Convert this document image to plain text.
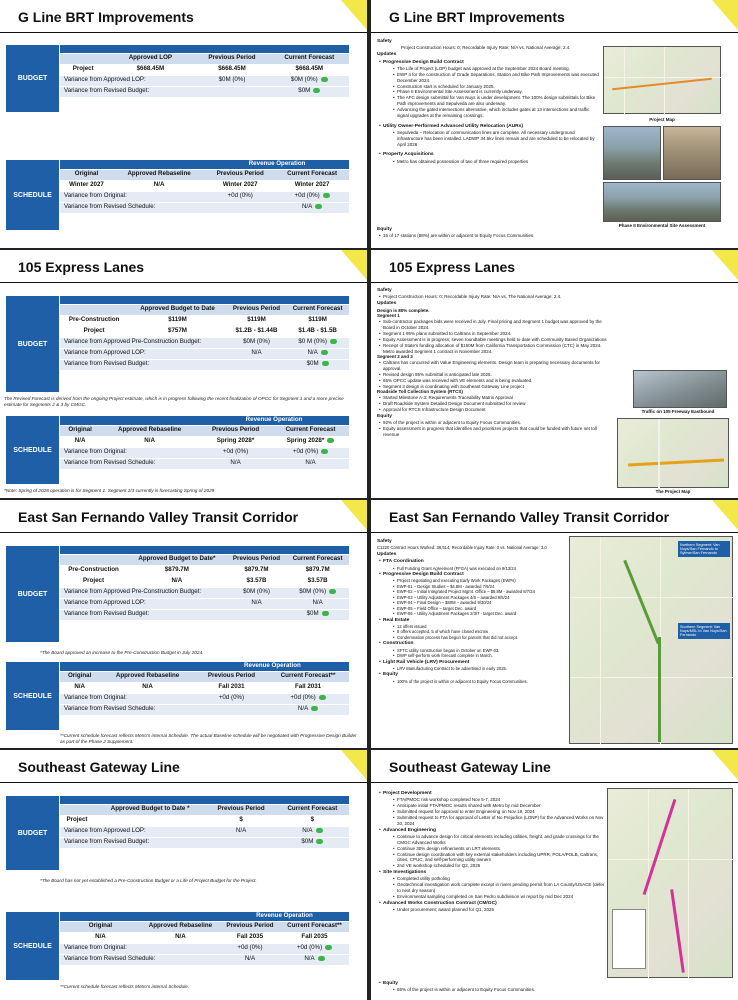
G Line BRT Improvements
BUDGET

	Approved LOP	Previous Period	Current Forecast
Project	$668.45M	$668.45M	$668.45M
Variance from Approved LOP:		$0M (0%)	$0M (0%)
Variance from Revised Budget:			$0M
SCHEDULE
		Revenue Operation	
Original	Approved Rebaseline	Previous Period	Current Forecast
Winter 2027	N/A	Winter 2027	Winter 2027
Variance from Original:		+0d (0%)	+0d (0%)
Variance from Revised Schedule:			N/A
G Line BRT Improvements
Safety
Project Construction Hours: 0; Recordable Injury Rate: N/A vs. National Average: 2.4.
Updates
• Progressive Design Build Contract
• The Life of Project (LOP) budget was approved at the September 2024 Board meeting.
• EWP 4 for the construction of Grade Separations, Station and Bike Path Improvements was executed December 2024.
• Construction start is scheduled for January 2025.
• Phase II Environmental Site Assessment is currently underway.
• The AFC design submittal for Van Nuys is under development. The 100% design submittals for Bike Path improvements and Sepulveda are also underway.
• Advancing the gated intersections alternative, which includes gates at 13 intersections and traffic signal upgrades at the remaining crossings.
• Utility Owner-Performed Advanced Utility Relocation (AURs)
• Sepulveda – Relocation of communication lines are complete. All necessary underground infrastructure has been installed. LADWP 34.5kv lines remain and are scheduled to be relocated by April 2026
• Property Acquisitions
• Metro has obtained possession of two of three required properties
Equity
• 15 of 17 stations (88%) are within or adjacent to Equity Focus Communities.
Project Map
Phase II Environmental Site Assessment
105 Express Lanes
BUDGET

	Approved Budget to Date	Previous Period	Current Forecast
Pre-Construction	$119M	$119M	$119M
Project	$757M	$1.2B - $1.44B	$1.4B - $1.5B
Variance from Approved Pre-Construction Budget:		$0M (0%)	$0 M (0%)
Variance from Approved LOP:		N/A	N/A
Variance from Revised Budget:			$0M
The Revised Forecast is derived from the ongoing Project estimate, which is in progress following the recent finalization of OPCC for Segment 1 and a more precise estimate for Segments 2 & 3 by CMGC.
SCHEDULE
		Revenue Operation	
Original	Approved Rebaseline	Previous Period	Current Forecast
N/A	N/A	Spring 2028*	Spring 2028*
Variance from Original:		+0d (0%)	+0d (0%)
Variance from Revised Schedule:		N/A	N/A
*Note: Spring of 2028 operation is for Segment 1. Segment 2/3 currently is forecasting Spring of 2029
105 Express Lanes
Safety
• Project Construction Hours: 0; Recordable Injury Rate: N/A vs. The National Average: 2.4.
Updates
Design is 80% complete.
Segment 1
• Sub-contractor packages bids were received in July. Final pricing and Segment 1 budget was approved by the Board in October 2024.
• Segment 1 95% plans submitted to Caltrans in September 2024.
• Equity Assessment is in progress; seven roundtable meetings held to date with Community Based Organizations
• Receipt of State's funding allocation of $150M from California Transportation Commission (CTC) in May 2024. Metro awarded Segment 1 contract in November 2024.
Segment 2 and 3
• Caltrans has concurred with Value Engineering elements. Design team is preparing necessary documents for approval.
• Revised design 95% submittal is anticipated late 2025.
• 65% OPCC update was received with VE elements and is being evaluated.
• Segment 3 design is coordinating with Southeast Gateway Line project
Roadside Toll Collection System (RTCS)
• Started Milestone A-3: Requirements Traceability Matrix Approval
• Draft Roadside System Detailed Design Document submitted for review
• Approval for RTCS Infrastructure Design Document
Equity
• 92% of the project is within or adjacent to Equity Focus Communities.
• Equity assessment in progress that identifies and prioritizes projects that could be funded with future net toll revenue
Traffic on 105 Freeway Eastbound
The Project Map
East San Fernando Valley Transit Corridor
BUDGET

	Approved Budget to Date*	Previous Period	Current Forecast
Pre-Construction	$879.7M	$879.7M	$879.7M
Project	N/A	$3.57B	$3.57B
Variance from Approved Pre-Construction Budget:		$0M (0%)	$0M (0%)
Variance from Approved LOP:		N/A	N/A
Variance from Revised Budget:			$0M
*The Board approved an increase to the Pre-Construction Budget in July 2024.
SCHEDULE
		Revenue Operation	
Original	Approved Rebaseline	Previous Period	Current Forecast**
N/A	N/A	Fall 2031	Fall 2031
Variance from Original:		+0d (0%)	+0d (0%)
Variance from Revised Schedule:			N/A
**Current schedule forecast reflects Metro's internal Schedule. The actual Baseline schedule will be negotiated with Progressive Design Builder as part of the Phase 2 Supplement.
East San Fernando Valley Transit Corridor
Safety
C1220 Contract Hours Worked: 36,514; Recordable Injury Rate: 0 vs. National Average: 3.0
Updates
• FTA Coordination
• Full Funding Grant Agreement (FFGA) was executed on 9/13/24
• Progressive Design Build Contract
• Project negotiating and executing Early Work Packages (EWPs)
• EWP-01 – Design Studies – $4.8M - awarded 7/9/24
• EWP-02 – Initial Integrated Project Mgmt. Office – $8.8M - awarded 8/7/24
• EWP-03 – Utility Adjustment Packages 4/6 – awarded 9/5/24
• EWP-04 – Final Design – $80M – awarded 9/30/24
• EWP-05 – Field Office – target Dec. award
• EWP-06 – Utility Adjustment Packages 2/3/7 - target Dec. award
• Real Estate
• 12 offers issued
• 8 offers accepted, 5 of which have closed escrow
• Condemnation process has begun for parcels that did not accept.
• Construction
• SFTC utility construction began in October on EWP-03.
• DWP self-perform work forecast complete in March.
• Light Rail Vehicle (LRV) Procurement
• LRV Manufacturing Contract to be advertised in early 2025.
• Equity
• 100% of the project is within or adjacent to Equity Focus Communities.
Northern Segment: Van Nuys/San Fernando to Sylmar/San Fernando
Southern Segment: Van Nuys/MSL to Van Nuys/San Fernando
Southeast Gateway Line
BUDGET

	Approved Budget to Date *	Previous Period	Current Forecast
Project		$	$
Variance from Approved LOP:		N/A	N/A
Variance from Revised Budget:			$0M
*The Board has not yet established a Pre-Construction Budget or a Life of Project Budget for the Project.
SCHEDULE
		Revenue Operation	
Original	Approved Rebaseline	Previous Period	Current Forecast**
N/A	N/A	Fall 2035	Fall 2035
Variance from Original:		+0d (0%)	+0d (0%)
Variance from Revised Schedule:		N/A	N/A
**Current schedule forecast reflects Metro's internal Schedule.
Southeast Gateway Line
• Project Development
• FTA/PMOC risk workshop completed Nov 5-7, 2024
• Anticipate initial FTA/PMOC results shared with Metro by mid December
• Submitted request for approval to enter Engineering on Nov 19, 2024
• Submitted request to FTA for approval of Letter of No Prejudice (LONP) for the Advanced Works on Nov 20, 2024
• Advanced Engineering
• Continue to advance design for critical elements including utilities, freight, and grade crossings for the CMGC Advanced Works
• Continue 30% design refinements on LRT elements
• Continue design coordination with key external stakeholders including UPRR, POLA/POLB, Caltrans, cities, CPUC, and self-performing utility owners
• 2nd VE workshop scheduled for Q2, 2025
• Site Investigations
• Completed utility potholing
• Geotechnical investigation work complete except in rivers pending permit from LA County/USACE (defer to next dry season)
• Environmental sampling completed on San Pedro subdivision w/ report by mid Dec 2024
• Advanced Works Construction Contract (CM/GC)
• Under procurement; award planned for Q1, 2025
• Equity
• 65% of the project is within or adjacent to Equity Focus Communities.
